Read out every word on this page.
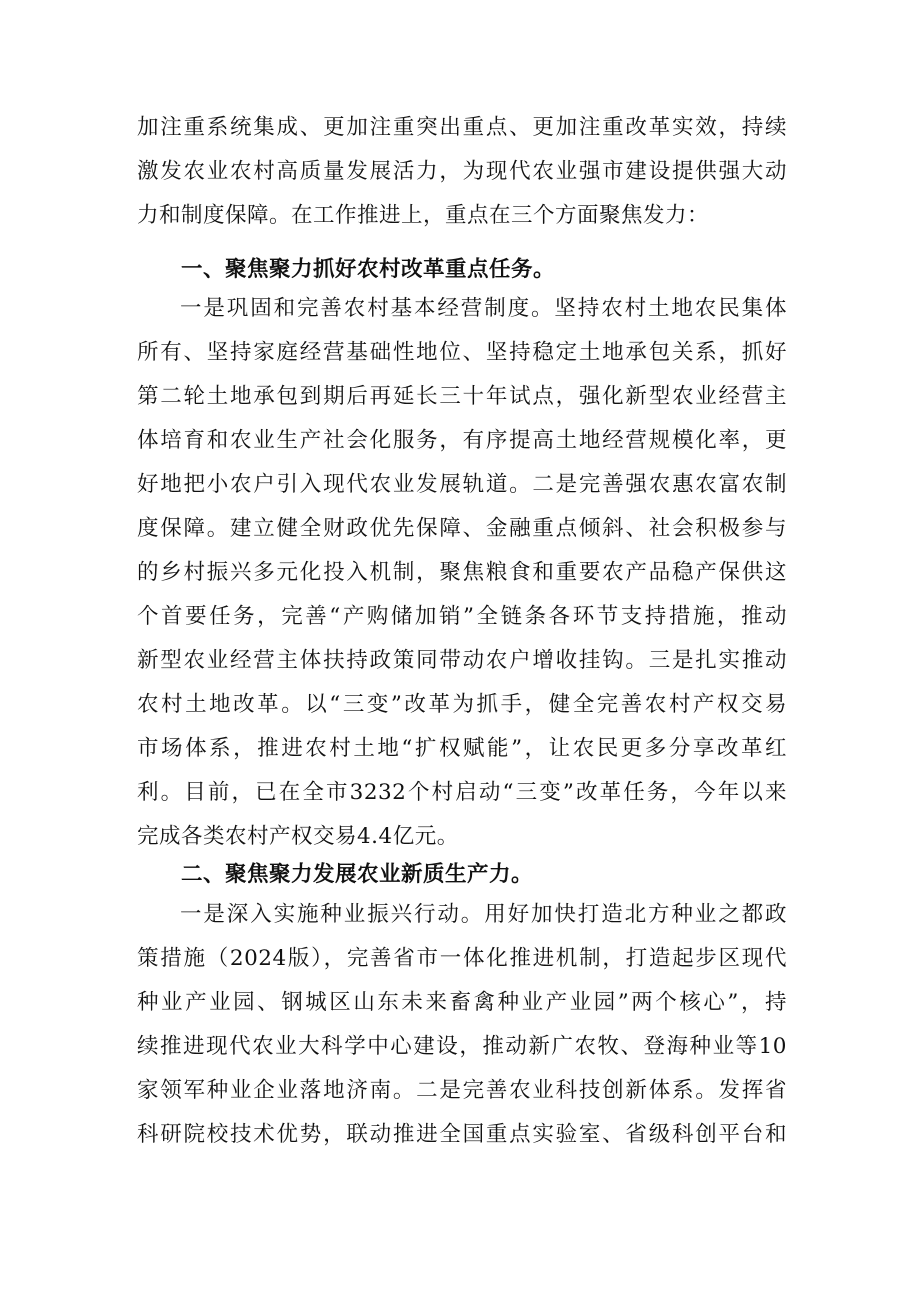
加注重系统集成、更加注重突出重点、更加注重改革实效，持续
激发农业农村高质量发展活力，为现代农业强市建设提供强大动
力和制度保障。在工作推进上，重点在三个方面聚焦发力：
一、聚焦聚力抓好农村改革重点任务。
一是巩固和完善农村基本经营制度。坚持农村土地农民集体
所有、坚持家庭经营基础性地位、坚持稳定土地承包关系，抓好
第二轮土地承包到期后再延长三十年试点，强化新型农业经营主
体培育和农业生产社会化服务，有序提高土地经营规模化率，更
好地把小农户引入现代农业发展轨道。二是完善强农惠农富农制
度保障。建立健全财政优先保障、金融重点倾斜、社会积极参与
的乡村振兴多元化投入机制，聚焦粮食和重要农产品稳产保供这
个首要任务，完善“产购储加销”全链条各环节支持措施，推动
新型农业经营主体扶持政策同带动农户增收挂钩。三是扎实推动
农村土地改革。以“三变”改革为抓手，健全完善农村产权交易
市场体系，推进农村土地“扩权赋能”，让农民更多分享改革红
利。目前，已在全市3232个村启动“三变”改革任务，今年以来
完成各类农村产权交易4.4亿元。
二、聚焦聚力发展农业新质生产力。
一是深入实施种业振兴行动。用好加快打造北方种业之都政
策措施（2024版），完善省市一体化推进机制，打造起步区现代
种业产业园、钢城区山东未来畜禽种业产业园”两个核心”，持
续推进现代农业大科学中心建设，推动新广农牧、登海种业等10
家领军种业企业落地济南。二是完善农业科技创新体系。发挥省
科研院校技术优势，联动推进全国重点实验室、省级科创平台和
